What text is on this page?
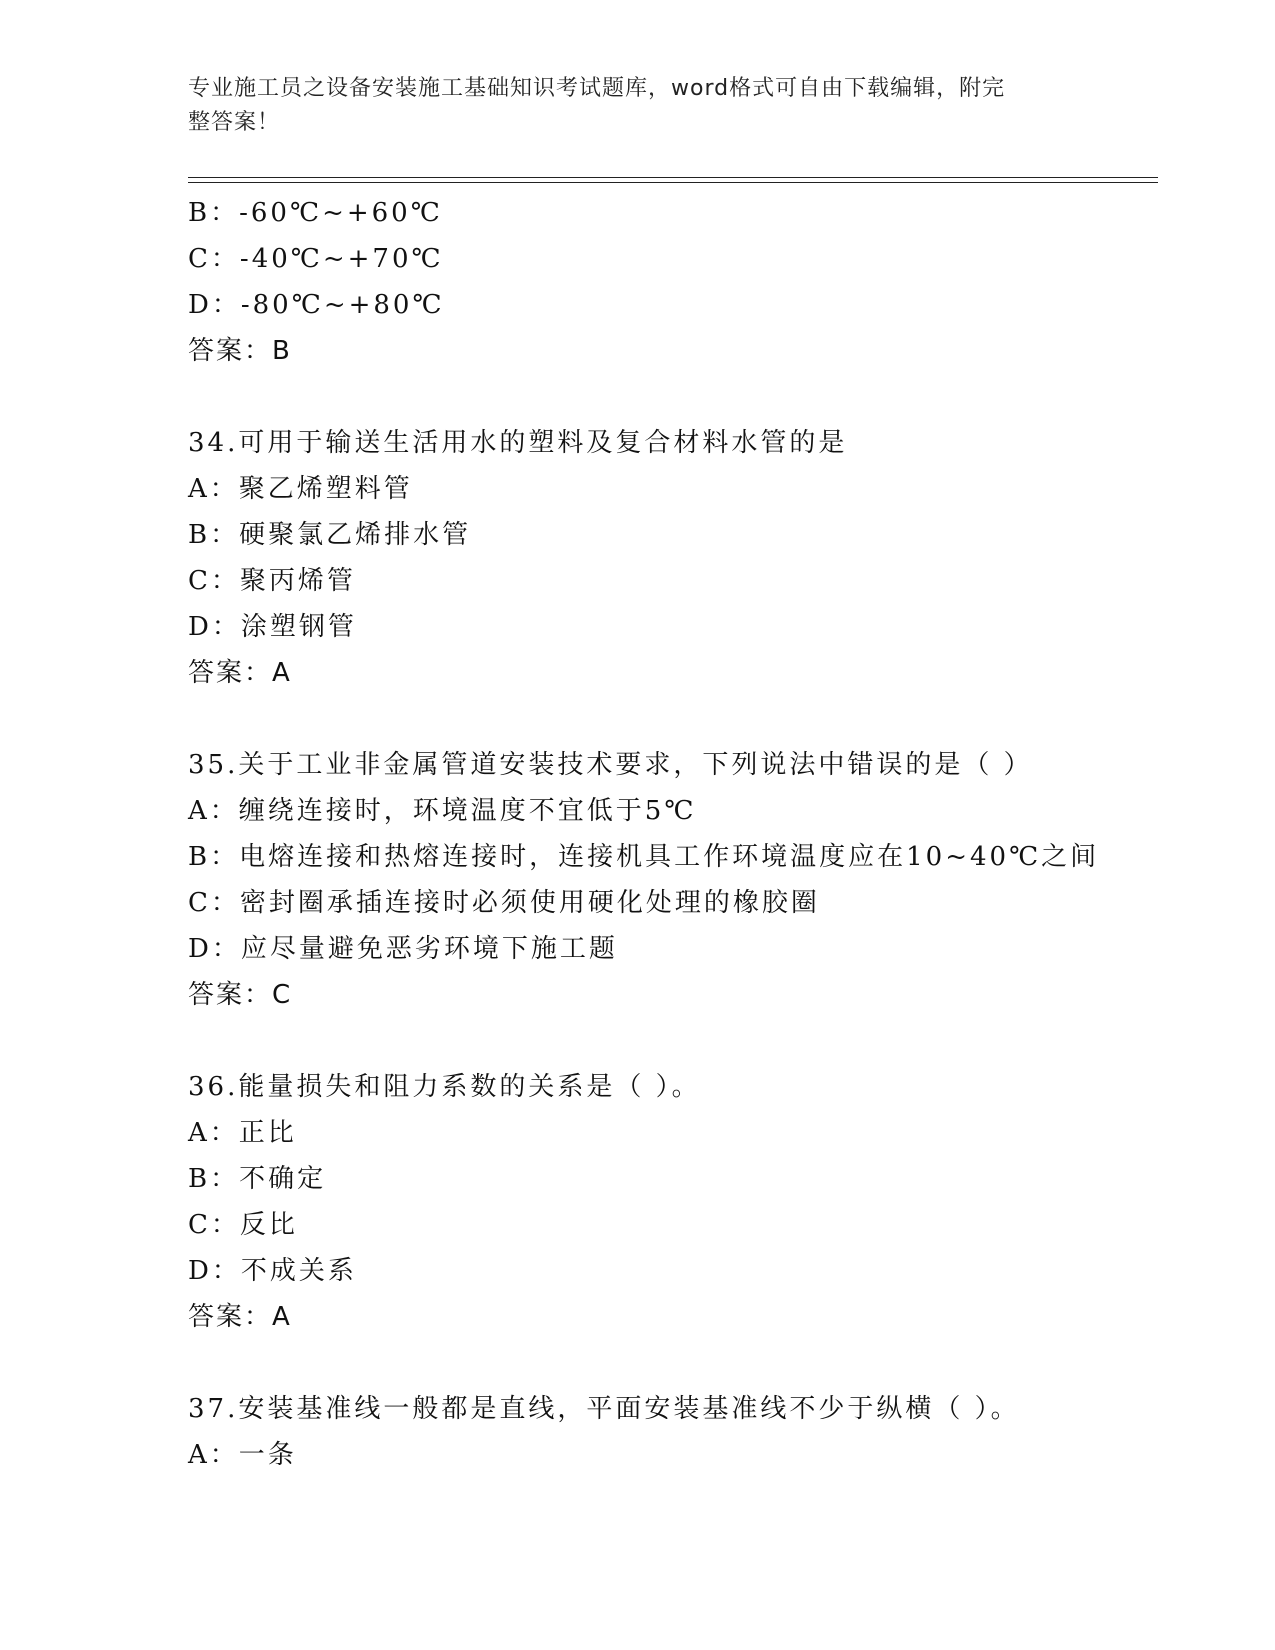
专业施工员之设备安装施工基础知识考试题库，word格式可自由下载编辑，附完
整答案！
B：-60℃~+60℃
C：-40℃~+70℃
D：-80℃~+80℃
答案：B
34.可用于输送生活用水的塑料及复合材料水管的是
A：聚乙烯塑料管
B：硬聚氯乙烯排水管
C：聚丙烯管
D：涂塑钢管
答案：A
35.关于工业非金属管道安装技术要求，下列说法中错误的是（ ）
A：缠绕连接时，环境温度不宜低于5℃
B：电熔连接和热熔连接时，连接机具工作环境温度应在10~40℃之间
C：密封圈承插连接时必须使用硬化处理的橡胶圈
D：应尽量避免恶劣环境下施工题
答案：C
36.能量损失和阻力系数的关系是（ ）。
A：正比
B：不确定
C：反比
D：不成关系
答案：A
37.安装基准线一般都是直线，平面安装基准线不少于纵横（ ）。
A：一条
